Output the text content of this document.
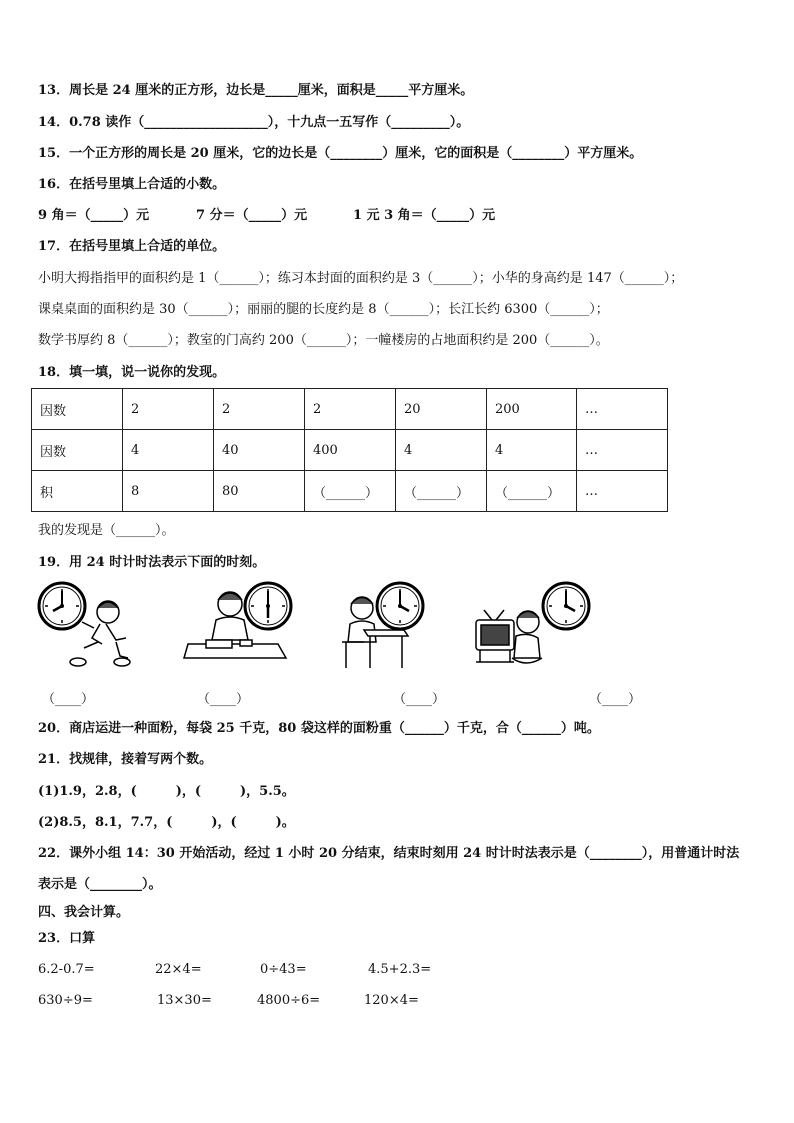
13．周长是 24 厘米的正方形，边长是_____厘米，面积是_____平方厘米。
14．0.78 读作（___________________），十九点一五写作（_________）。
15．一个正方形的周长是 20 厘米，它的边长是（________）厘米，它的面积是（________）平方厘米。
16．在括号里填上合适的小数。
9 角＝（_____）元	7 分＝（_____）元	1 元 3 角＝（_____）元
17．在括号里填上合适的单位。
小明大拇指指甲的面积约是 1（______）；练习本封面的面积约是 3（______）；小华的身高约是 147（______）；
课桌桌面的面积约是 30（______）；丽丽的腿的长度约是 8（______）；长江长约 6300（______）；
数学书厚约 8（______）；教室的门高约 200（______）；一幢楼房的占地面积约是 200（______）。
18．填一填，说一说你的发现。
因数	2	2	2	20	200	…
因数	4	40	400	4	4	…
积	8	80	（______）	（______）	（______）	…
我的发现是（______）。
19．用 24 时计时法表示下面的时刻。
（____）	（____）	（____）	（____）
20．商店运进一种面粉，每袋 25 千克，80 袋这样的面粉重（______）千克，合（______）吨。
21．找规律，接着写两个数。
(1)1.9，2.8，(　　　)，(　　　)，5.5。
(2)8.5，8.1，7.7，(　　　)，(　　　)。
22．课外小组 14：30 开始活动，经过 1 小时 20 分结束，结束时刻用 24 时计时法表示是（________），用普通计时法
表示是（________）。
四、我会计算。
23．口算
6.2-0.7=	22×4=	0÷43=	4.5+2.3=
630÷9=	13×30=	4800÷6=	120×4=
